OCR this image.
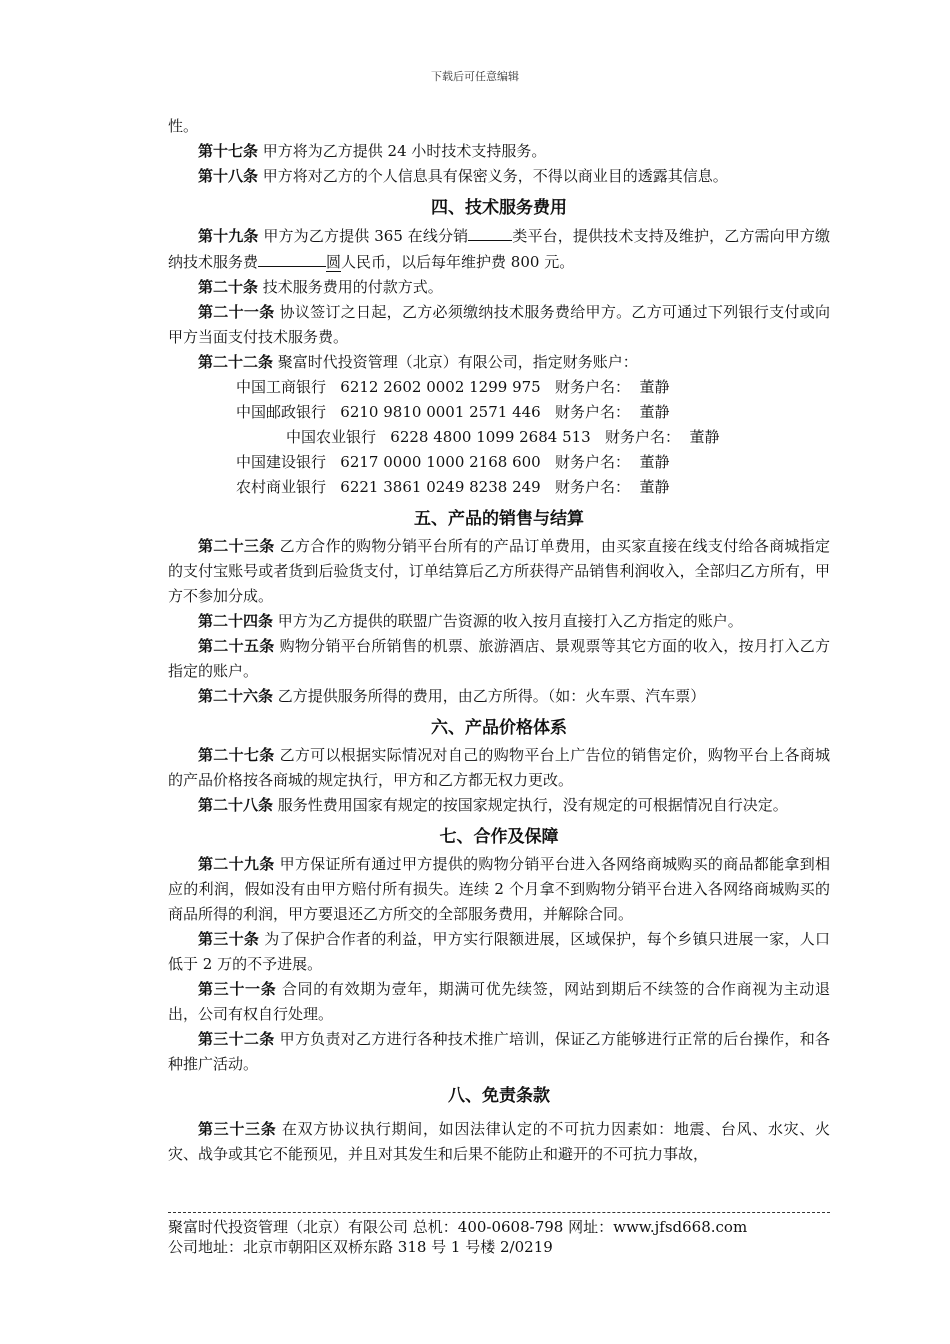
下载后可任意编辑

性。

第十七条 甲方将为乙方提供 24 小时技术支持服务。

第十八条 甲方将对乙方的个人信息具有保密义务，不得以商业目的透露其信息。

四、技术服务费用

第十九条 甲方为乙方提供 365 在线分销	类平台，提供技术支持及维护，乙方需向甲方缴纳技术服务费	圆人民币，以后每年维护费 800 元。

第二十条 技术服务费用的付款方式。

第二十一条 协议签订之日起，乙方必须缴纳技术服务费给甲方。乙方可通过下列银行支付或向甲方当面支付技术服务费。

第二十二条 聚富时代投资管理（北京）有限公司，指定财务账户：

中国工商银行   6212 2602 0002 1299 975   财务户名：  董静
中国邮政银行   6210 9810 0001 2571 446   财务户名：  董静
中国农业银行   6228 4800 1099 2684 513   财务户名：  董静
中国建设银行   6217 0000 1000 2168 600   财务户名：  董静
农村商业银行   6221 3861 0249 8238 249   财务户名：  董静
五、产品的销售与结算

第二十三条 乙方合作的购物分销平台所有的产品订单费用，由买家直接在线支付给各商城指定的支付宝账号或者货到后验货支付，订单结算后乙方所获得产品销售利润收入，全部归乙方所有，甲方不参加分成。

第二十四条 甲方为乙方提供的联盟广告资源的收入按月直接打入乙方指定的账户。

第二十五条 购物分销平台所销售的机票、旅游酒店、景观票等其它方面的收入，按月打入乙方指定的账户。

第二十六条 乙方提供服务所得的费用，由乙方所得。（如：火车票、汽车票）

六、产品价格体系

第二十七条 乙方可以根据实际情况对自己的购物平台上广告位的销售定价，购物平台上各商城的产品价格按各商城的规定执行，甲方和乙方都无权力更改。

第二十八条 服务性费用国家有规定的按国家规定执行，没有规定的可根据情况自行决定。

七、合作及保障

第二十九条 甲方保证所有通过甲方提供的购物分销平台进入各网络商城购买的商品都能拿到相应的利润，假如没有由甲方赔付所有损失。连续 2 个月拿不到购物分销平台进入各网络商城购买的商品所得的利润，甲方要退还乙方所交的全部服务费用，并解除合同。

第三十条 为了保护合作者的利益，甲方实行限额进展，区域保护，每个乡镇只进展一家，人口低于 2 万的不予进展。

第三十一条 合同的有效期为壹年，期满可优先续签，网站到期后不续签的合作商视为主动退出，公司有权自行处理。

第三十二条 甲方负责对乙方进行各种技术推广培训，保证乙方能够进行正常的后台操作，和各种推广活动。

八、免责条款

第三十三条 在双方协议执行期间，如因法律认定的不可抗力因素如：地震、台风、水灾、火灾、战争或其它不能预见，并且对其发生和后果不能防止和避开的不可抗力事故，

聚富时代投资管理（北京）有限公司 总机：400-0608-798 网址：www.jfsd668.com
公司地址：北京市朝阳区双桥东路 318 号 1 号楼 2/0219
